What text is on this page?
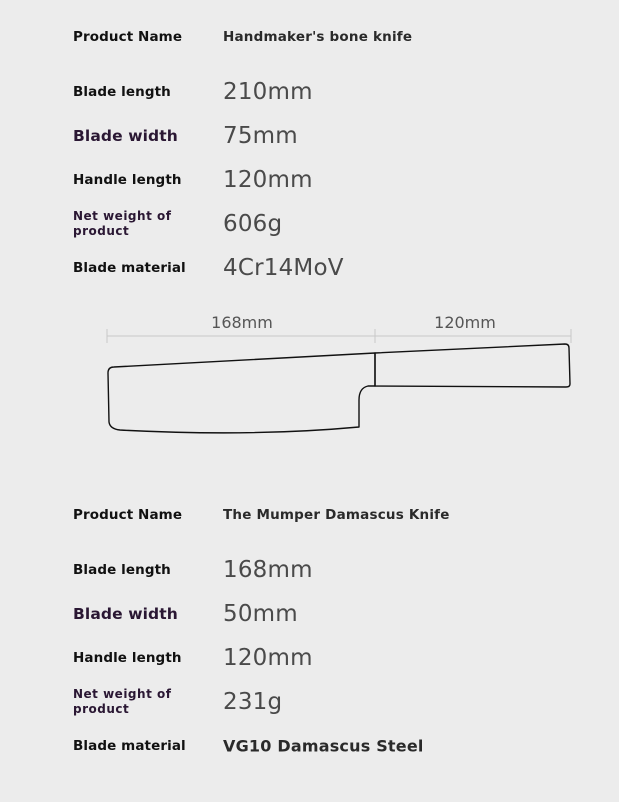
Product Name	Handmaker's bone knife
Blade length	210mm
Blade width	75mm
Handle length	120mm
Net weight of product	606g
Blade material	4Cr14MoV
168mm	120mm
Product Name	The Mumper Damascus Knife
Blade length	168mm
Blade width	50mm
Handle length	120mm
Net weight of product	231g
Blade material	VG10 Damascus Steel
